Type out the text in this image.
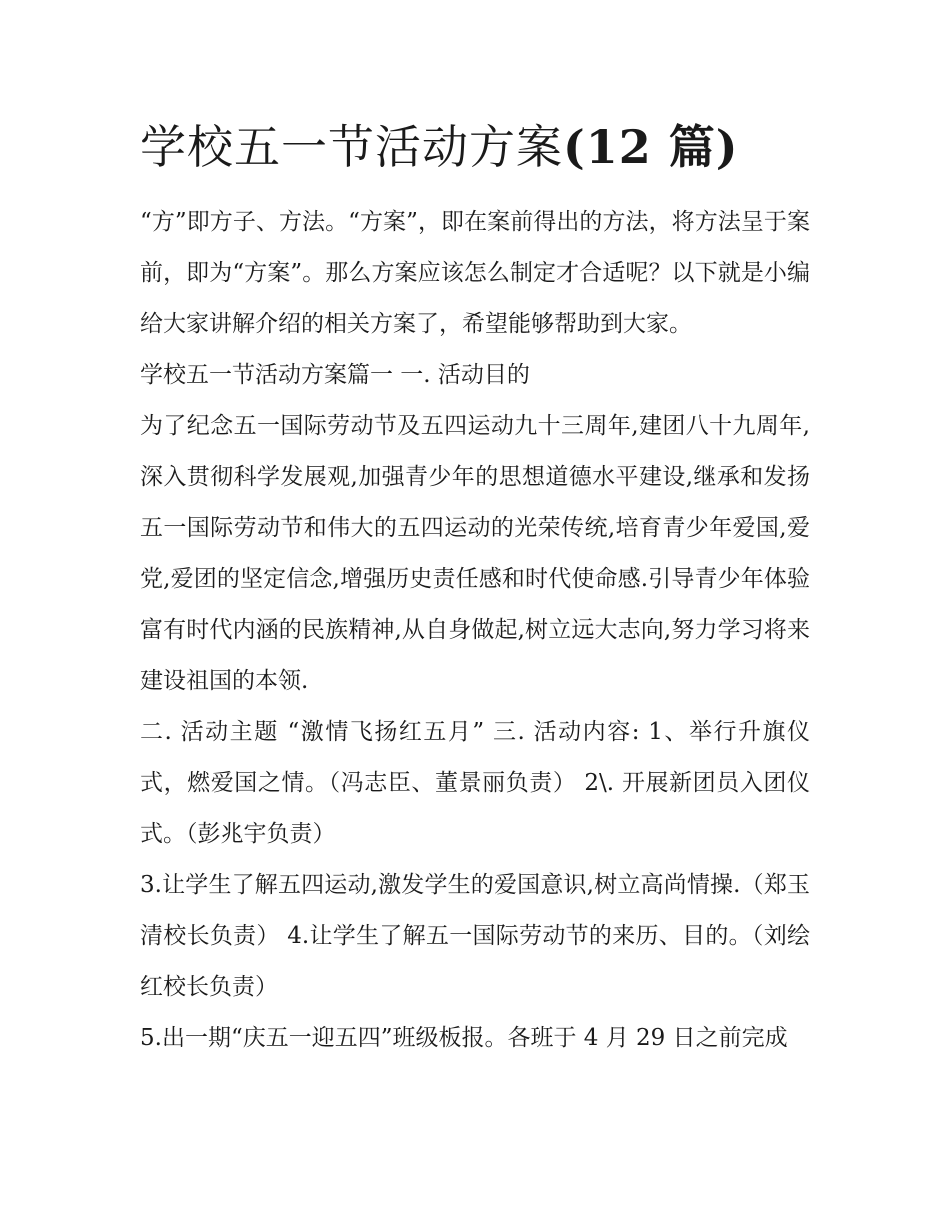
学校五一节活动方案(12 篇)

“方”即方子、方法。“方案”，即在案前得出的方法，将方法呈于案前，即为“方案”。那么方案应该怎么制定才合适呢？以下就是小编给大家讲解介绍的相关方案了，希望能够帮助到大家。

学校五一节活动方案篇一 一. 活动目的

为了纪念五一国际劳动节及五四运动九十三周年,建团八十九周年,深入贯彻科学发展观,加强青少年的思想道德水平建设,继承和发扬五一国际劳动节和伟大的五四运动的光荣传统,培育青少年爱国,爱党,爱团的坚定信念,增强历史责任感和时代使命感.引导青少年体验富有时代内涵的民族精神,从自身做起,树立远大志向,努力学习将来建设祖国的本领.

二. 活动主题 “激情飞扬红五月” 三. 活动内容: 1、举行升旗仪式，燃爱国之情。（冯志臣、董景丽负责） 2\. 开展新团员入团仪式。（彭兆宇负责）

3.让学生了解五四运动,激发学生的爱国意识,树立高尚情操.（郑玉清校长负责） 4.让学生了解五一国际劳动节的来历、目的。（刘绘红校长负责）

5.出一期“庆五一迎五四”班级板报。各班于 4 月 29 日之前完成
